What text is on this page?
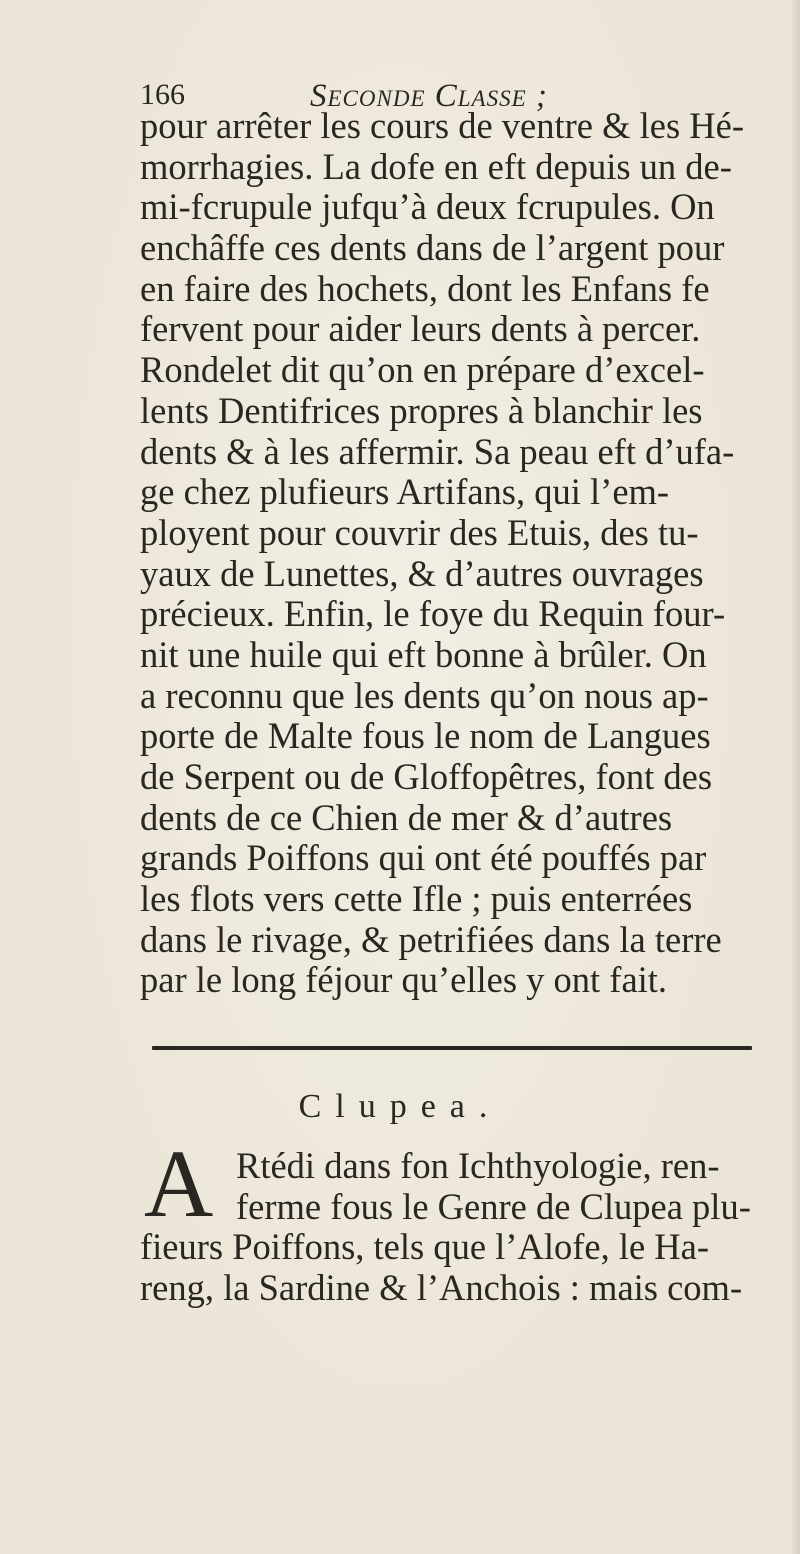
166	Seconde Classe ;
pour arrêter les cours de ventre & les Hé-
morrhagies. La dofe en eft depuis un de-
mi-fcrupule jufqu’à deux fcrupules. On
enchâffe ces dents dans de l’argent pour
en faire des hochets, dont les Enfans fe
fervent pour aider leurs dents à percer.
Rondelet dit qu’on en prépare d’excel-
lents Dentifrices propres à blanchir les
dents & à les affermir. Sa peau eft d’ufa-
ge chez plufieurs Artifans, qui l’em-
ployent pour couvrir des Etuis, des tu-
yaux de Lunettes, & d’autres ouvrages
précieux. Enfin, le foye du Requin four-
nit une huile qui eft bonne à brûler. On
a reconnu que les dents qu’on nous ap-
porte de Malte fous le nom de Langues
de Serpent ou de Gloffopêtres, font des
dents de ce Chien de mer & d’autres
grands Poiffons qui ont été pouffés par
les flots vers cette Ifle ; puis enterrées
dans le rivage, & petrifiées dans la terre
par le long féjour qu’elles y ont fait.
Clupea.
A Rtédi dans fon Ichthyologie, ren-
ferme fous le Genre de Clupea plu-
fieurs Poiffons, tels que l’Alofe, le Ha-
reng, la Sardine & l’Anchois : mais com-
